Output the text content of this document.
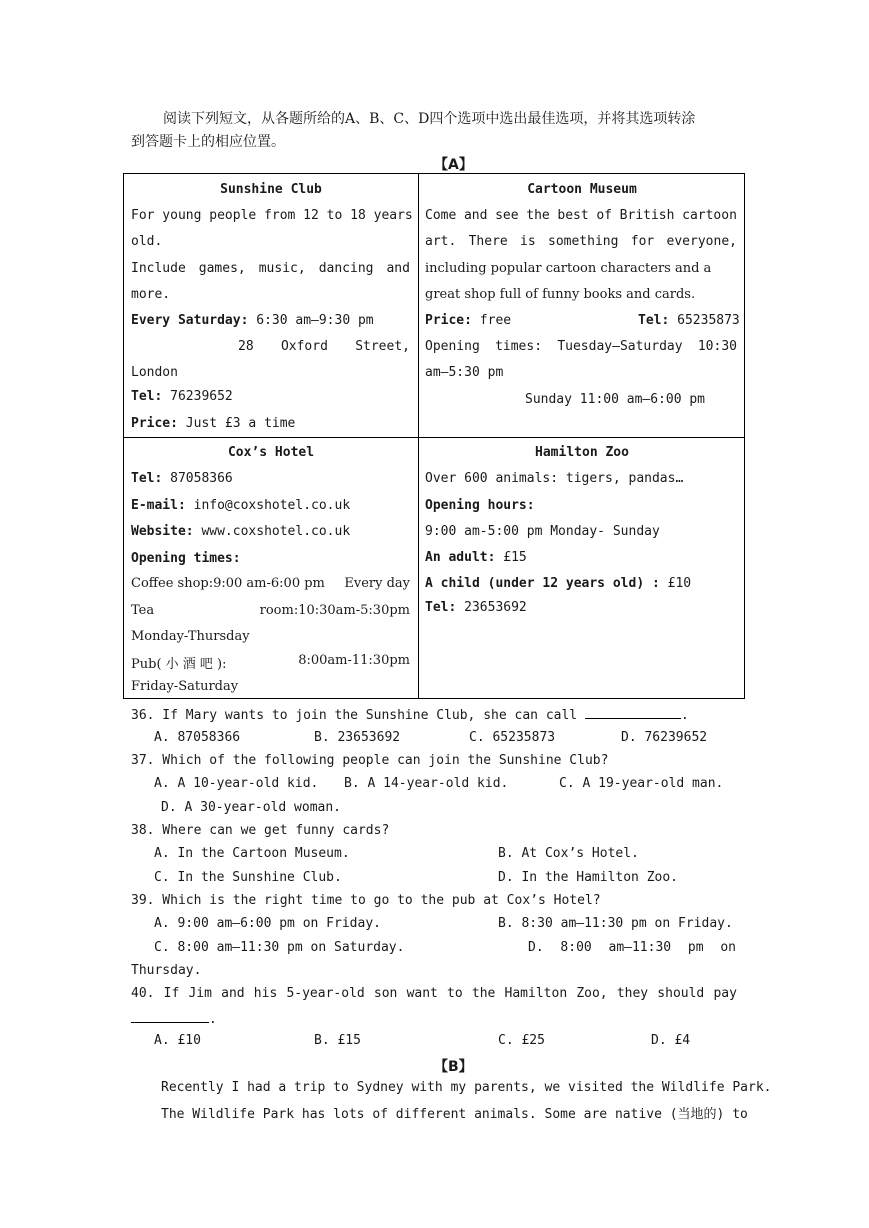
阅读下列短文，从各题所给的A、B、C、D四个选项中选出最佳选项，并将其选项转涂
到答题卡上的相应位置。
【A】
Sunshine Club
For young people from 12 to 18 years
old.
Include games, music, dancing and
more.
Every Saturday: 6:30 am—9:30 pm
28 Oxford Street,
London
Tel: 76239652
Price: Just £3 a time
Cartoon Museum
Come and see the best of British cartoon
art. There is something for everyone,
including popular cartoon characters and a
great shop full of funny books and cards.
Price: free	Tel: 65235873
Opening times: Tuesday—Saturday 10:30
am—5:30 pm
Sunday 11:00 am—6:00 pm
Cox’s Hotel
Tel: 87058366
E-mail: info@coxshotel.co.uk
Website: www.coxshotel.co.uk
Opening times:
Coffee shop:9:00 am-6:00 pm Every day
Tea	room:10:30am-5:30pm
Monday-Thursday
Pub( 小 酒 吧 ):	8:00am-11:30pm
Friday-Saturday
Hamilton Zoo
Over 600 animals: tigers, pandas…
Opening hours:
9:00 am-5:00 pm Monday- Sunday
An adult: £15
A child (under 12 years old) : £10
Tel: 23653692
36. If Mary wants to join the Sunshine Club, she can call	.
A. 87058366	B. 23653692	C. 65235873	D. 76239652
37. Which of the following people can join the Sunshine Club?
A. A 10-year-old kid. B. A 14-year-old kid.	C. A 19-year-old man.
D. A 30-year-old woman.
38. Where can we get funny cards?
A. In the Cartoon Museum.	B. At Cox’s Hotel.
C. In the Sunshine Club.	D. In the Hamilton Zoo.
39. Which is the right time to go to the pub at Cox’s Hotel?
A. 9:00 am—6:00 pm on Friday.	B. 8:30 am—11:30 pm on Friday.
C. 8:00 am—11:30 pm on Saturday.	D. 8:00 am—11:30 pm on
Thursday.
40. If Jim and his 5-year-old son want to the Hamilton Zoo, they should pay
.
A. £10	B. £15	C. £25	D. £4
【B】
Recently I had a trip to Sydney with my parents, we visited the Wildlife Park.
The Wildlife Park has lots of different animals. Some are native (当地的) to
